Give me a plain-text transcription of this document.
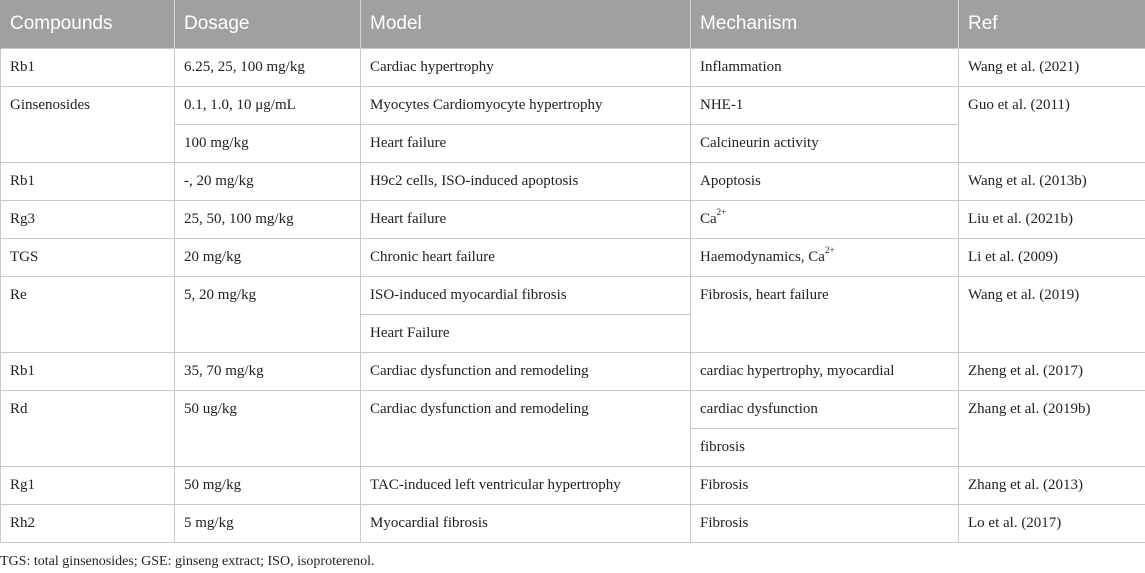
Compounds	Dosage	Model	Mechanism	Ref
Rb1	6.25, 25, 100 mg/kg	Cardiac hypertrophy	Inflammation	Wang et al. (2021)
Ginsenosides	0.1, 1.0, 10 μg/mL	Myocytes Cardiomyocyte hypertrophy	NHE-1	Guo et al. (2011)
	100 mg/kg	Heart failure	Calcineurin activity	
Rb1	-, 20 mg/kg	H9c2 cells, ISO-induced apoptosis	Apoptosis	Wang et al. (2013b)
Rg3	25, 50, 100 mg/kg	Heart failure	$Ca^{2+}$	Liu et al. (2021b)
TGS	20 mg/kg	Chronic heart failure	Haemodynamics, $Ca^{2+}$	Li et al. (2009)
Re	5, 20 mg/kg	ISO-induced myocardial fibrosis	Fibrosis, heart failure	Wang et al. (2019)
		Heart Failure		
Rb1	35, 70 mg/kg	Cardiac dysfunction and remodeling	cardiac hypertrophy, myocardial	Zheng et al. (2017)
Rd	50 ug/kg	Cardiac dysfunction and remodeling	cardiac dysfunction	Zhang et al. (2019b)
			fibrosis	
Rg1	50 mg/kg	TAC-induced left ventricular hypertrophy	Fibrosis	Zhang et al. (2013)
Rh2	5 mg/kg	Myocardial fibrosis	Fibrosis	Lo et al. (2017)
TGS: total ginsenosides; GSE: ginseng extract; ISO, isoproterenol.
